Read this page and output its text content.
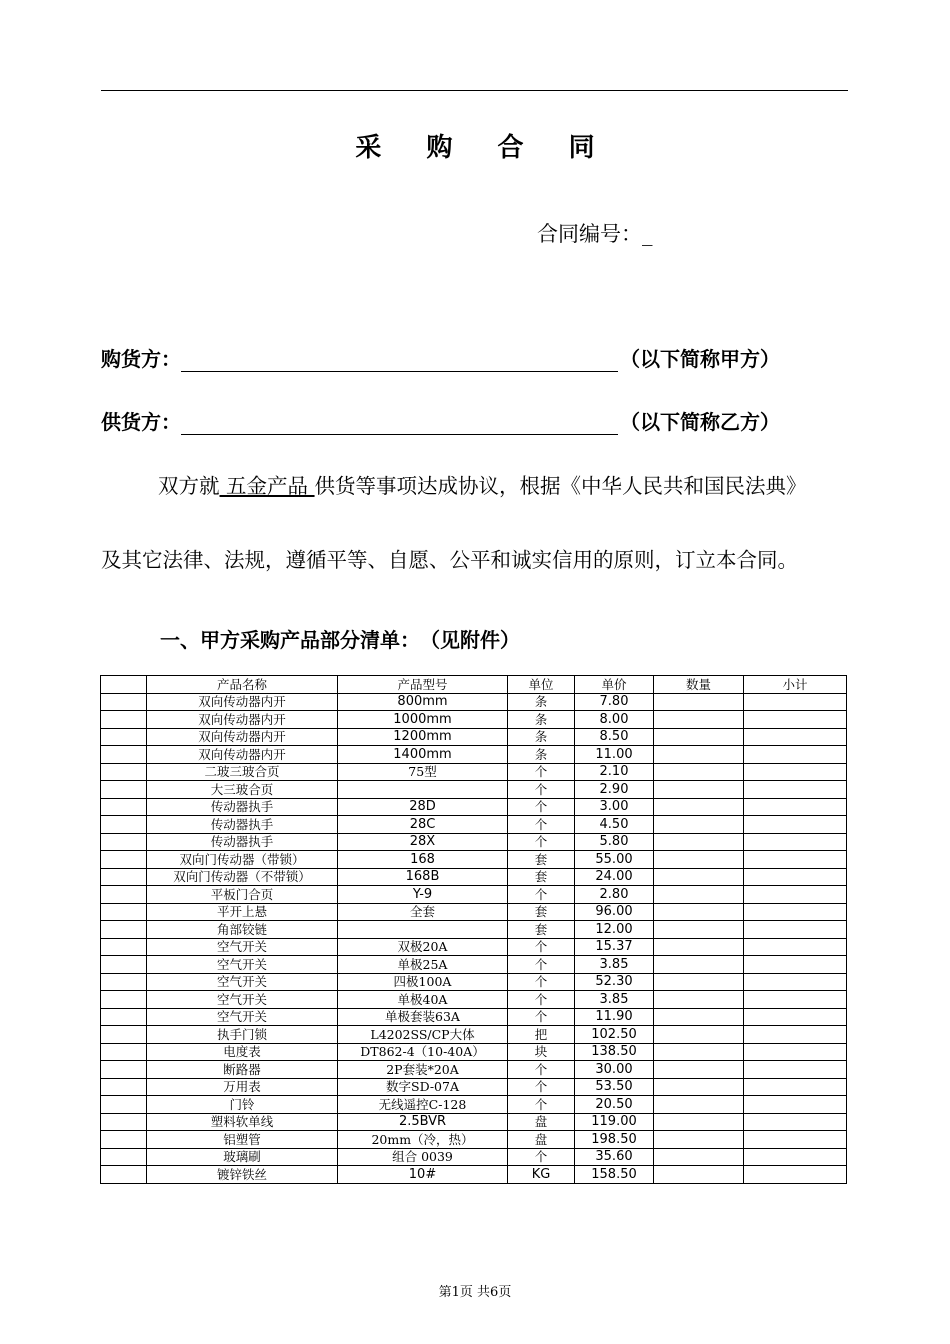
采 购 合 同
合同编号：_
购货方：	（以下简称甲方）
供货方：	（以下简称乙方）
双方就 五金产品 供货等事项达成协议，根据《中华人民共和国民法典》
及其它法律、法规，遵循平等、自愿、公平和诚实信用的原则，订立本合同。
一、甲方采购产品部分清单：　（见附件）
	产品名称	产品型号	单位	单价	数量	小计
	双向传动器内开	800mm	条	7.80		
	双向传动器内开	1000mm	条	8.00		
	双向传动器内开	1200mm	条	8.50		
	双向传动器内开	1400mm	条	11.00		
	二玻三玻合页	75型	个	2.10		
	大三玻合页		个	2.90		
	传动器执手	28D	个	3.00		
	传动器执手	28C	个	4.50		
	传动器执手	28X	个	5.80		
	双向门传动器（带锁）	168	套	55.00		
	双向门传动器（不带锁）	168B	套	24.00		
	平板门合页	Y-9	个	2.80		
	平开上悬	全套	套	96.00		
	角部铰链		套	12.00		
	空气开关	双极20A	个	15.37		
	空气开关	单极25A	个	3.85		
	空气开关	四极100A	个	52.30		
	空气开关	单极40A	个	3.85		
	空气开关	单极套装63A	个	11.90		
	执手门锁	L4202SS/CP大体	把	102.50		
	电度表	DT862-4（10-40A）	块	138.50		
	断路器	2P套装*20A	个	30.00		
	万用表	数字SD-07A	个	53.50		
	门铃	无线遥控C-128	个	20.50		
	塑料软单线	2.5BVR	盘	119.00		
	铝塑管	20mm（冷，热）	盘	198.50		
	玻璃刷	组合 0039	个	35.60		
	镀锌铁丝	10#	KG	158.50		
第1页 共6页
